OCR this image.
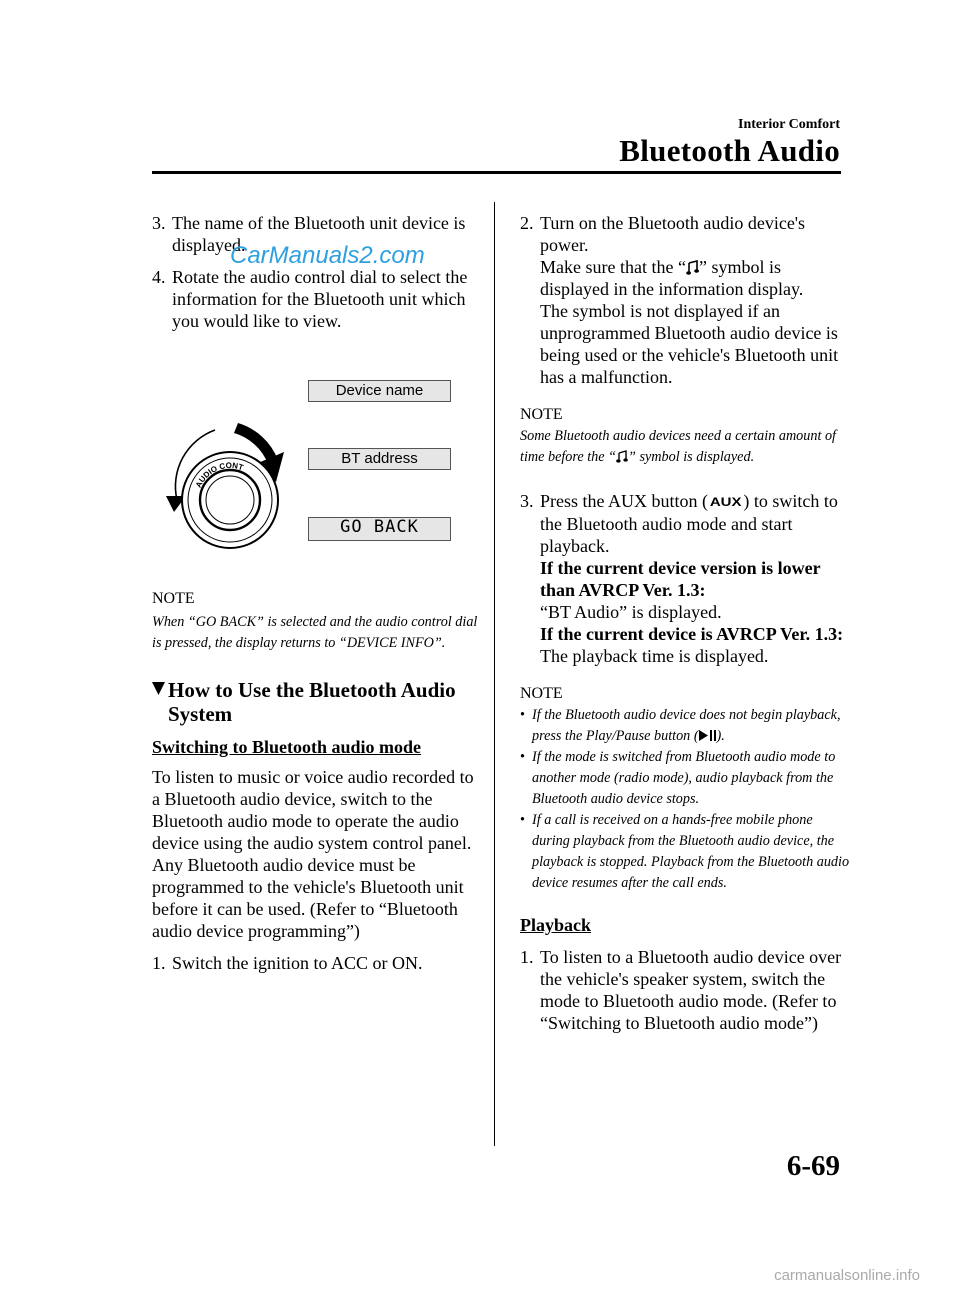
Interior Comfort
Bluetooth Audio
3. The name of the Bluetooth unit device is displayed.
4. Rotate the audio control dial to select the information for the Bluetooth unit which you would like to view.
CarManuals2.com
AUDIO CONT
Device name
BT address
GO BACK
NOTE
When “GO BACK” is selected and the audio control dial is pressed, the display returns to “DEVICE INFO”.
How to Use the Bluetooth Audio System
Switching to Bluetooth audio mode
To listen to music or voice audio recorded to a Bluetooth audio device, switch to the Bluetooth audio mode to operate the audio device using the audio system control panel.
Any Bluetooth audio device must be programmed to the vehicle's Bluetooth unit before it can be used. (Refer to “Bluetooth audio device programming”)
1. Switch the ignition to ACC or ON.
2. Turn on the Bluetooth audio device's power.
Make sure that the “ ” symbol is displayed in the information display.
The symbol is not displayed if an unprogrammed Bluetooth audio device is being used or the vehicle's Bluetooth unit has a malfunction.
NOTE
Some Bluetooth audio devices need a certain amount of time before the “ ” symbol is displayed.
3. Press the AUX button ( AUX ) to switch to the Bluetooth audio mode and start playback.
If the current device version is lower than AVRCP Ver. 1.3:
“BT Audio” is displayed.
If the current device is AVRCP Ver. 1.3:
The playback time is displayed.
NOTE
• If the Bluetooth audio device does not begin playback, press the Play/Pause button ( ).
• If the mode is switched from Bluetooth audio mode to another mode (radio mode), audio playback from the Bluetooth audio device stops.
• If a call is received on a hands-free mobile phone during playback from the Bluetooth audio device, the playback is stopped. Playback from the Bluetooth audio device resumes after the call ends.
Playback
1. To listen to a Bluetooth audio device over the vehicle's speaker system, switch the mode to Bluetooth audio mode. (Refer to “Switching to Bluetooth audio mode”)
6-69
carmanualsonline.info
